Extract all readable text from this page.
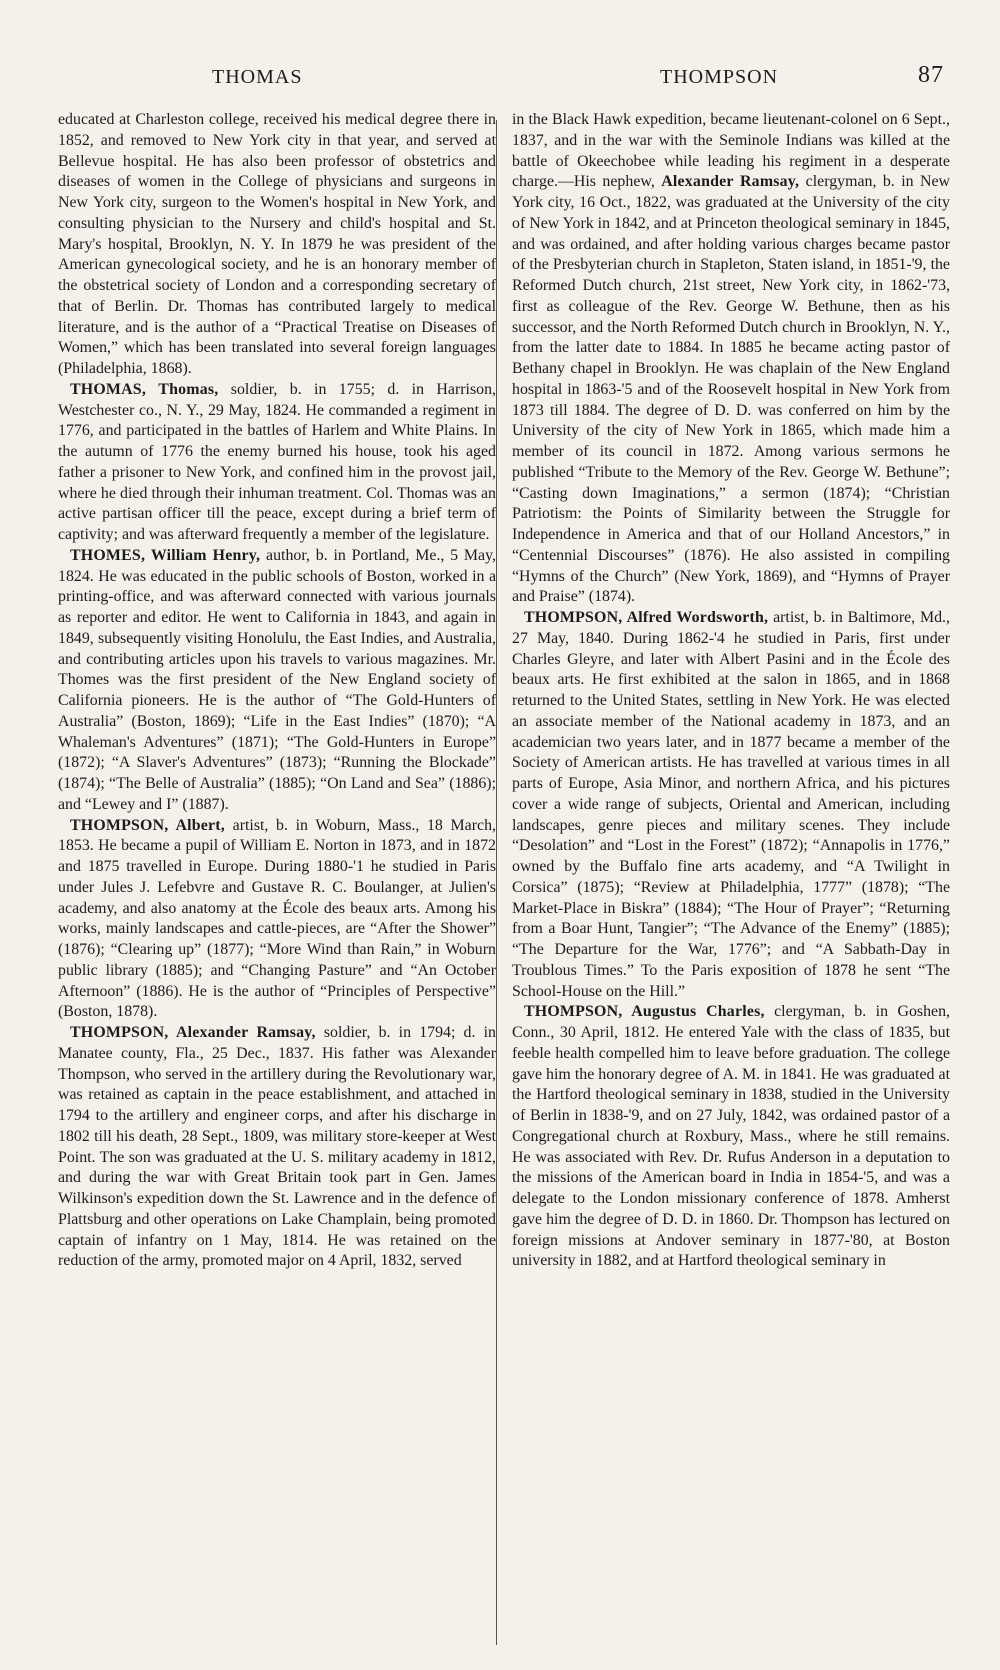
THOMAS	THOMPSON	87

educated at Charleston college, received his medical degree there in 1852, and removed to New York city in that year, and served at Bellevue hospital. He has also been professor of obstetrics and diseases of women in the College of physicians and surgeons in New York city, surgeon to the Women's hospital in New York, and consulting physician to the Nursery and child's hospital and St. Mary's hospital, Brooklyn, N. Y. In 1879 he was president of the American gynecological society, and he is an honorary member of the obstetrical society of London and a corresponding secretary of that of Berlin. Dr. Thomas has contributed largely to medical literature, and is the author of a “Practical Treatise on Diseases of Women,” which has been translated into several foreign languages (Philadelphia, 1868).

THOMAS, Thomas, soldier, b. in 1755; d. in Harrison, Westchester co., N. Y., 29 May, 1824. He commanded a regiment in 1776, and participated in the battles of Harlem and White Plains. In the autumn of 1776 the enemy burned his house, took his aged father a prisoner to New York, and confined him in the provost jail, where he died through their inhuman treatment. Col. Thomas was an active partisan officer till the peace, except during a brief term of captivity; and was afterward frequently a member of the legislature.

THOMES, William Henry, author, b. in Portland, Me., 5 May, 1824. He was educated in the public schools of Boston, worked in a printing-office, and was afterward connected with various journals as reporter and editor. He went to California in 1843, and again in 1849, subsequently visiting Honolulu, the East Indies, and Australia, and contributing articles upon his travels to various magazines. Mr. Thomes was the first president of the New England society of California pioneers. He is the author of “The Gold-Hunters of Australia” (Boston, 1869); “Life in the East Indies” (1870); “A Whaleman's Adventures” (1871); “The Gold-Hunters in Europe” (1872); “A Slaver's Adventures” (1873); “Running the Blockade” (1874); “The Belle of Australia” (1885); “On Land and Sea” (1886); and “Lewey and I” (1887).

THOMPSON, Albert, artist, b. in Woburn, Mass., 18 March, 1853. He became a pupil of William E. Norton in 1873, and in 1872 and 1875 travelled in Europe. During 1880-'1 he studied in Paris under Jules J. Lefebvre and Gustave R. C. Boulanger, at Julien's academy, and also anatomy at the École des beaux arts. Among his works, mainly landscapes and cattle-pieces, are “After the Shower” (1876); “Clearing up” (1877); “More Wind than Rain,” in Woburn public library (1885); and “Changing Pasture” and “An October Afternoon” (1886). He is the author of “Principles of Perspective” (Boston, 1878).

THOMPSON, Alexander Ramsay, soldier, b. in 1794; d. in Manatee county, Fla., 25 Dec., 1837. His father was Alexander Thompson, who served in the artillery during the Revolutionary war, was retained as captain in the peace establishment, and attached in 1794 to the artillery and engineer corps, and after his discharge in 1802 till his death, 28 Sept., 1809, was military store-keeper at West Point. The son was graduated at the U. S. military academy in 1812, and during the war with Great Britain took part in Gen. James Wilkinson's expedition down the St. Lawrence and in the defence of Plattsburg and other operations on Lake Champlain, being promoted captain of infantry on 1 May, 1814. He was retained on the reduction of the army, promoted major on 4 April, 1832, served

in the Black Hawk expedition, became lieutenant-colonel on 6 Sept., 1837, and in the war with the Seminole Indians was killed at the battle of Okeechobee while leading his regiment in a desperate charge.—His nephew, Alexander Ramsay, clergyman, b. in New York city, 16 Oct., 1822, was graduated at the University of the city of New York in 1842, and at Princeton theological seminary in 1845, and was ordained, and after holding various charges became pastor of the Presbyterian church in Stapleton, Staten island, in 1851-'9, the Reformed Dutch church, 21st street, New York city, in 1862-'73, first as colleague of the Rev. George W. Bethune, then as his successor, and the North Reformed Dutch church in Brooklyn, N. Y., from the latter date to 1884. In 1885 he became acting pastor of Bethany chapel in Brooklyn. He was chaplain of the New England hospital in 1863-'5 and of the Roosevelt hospital in New York from 1873 till 1884. The degree of D. D. was conferred on him by the University of the city of New York in 1865, which made him a member of its council in 1872. Among various sermons he published “Tribute to the Memory of the Rev. George W. Bethune”; “Casting down Imaginations,” a sermon (1874); “Christian Patriotism: the Points of Similarity between the Struggle for Independence in America and that of our Holland Ancestors,” in “Centennial Discourses” (1876). He also assisted in compiling “Hymns of the Church” (New York, 1869), and “Hymns of Prayer and Praise” (1874).

THOMPSON, Alfred Wordsworth, artist, b. in Baltimore, Md., 27 May, 1840. During 1862-'4 he studied in Paris, first under Charles Gleyre, and later with Albert Pasini and in the École des beaux arts. He first exhibited at the salon in 1865, and in 1868 returned to the United States, settling in New York. He was elected an associate member of the National academy in 1873, and an academician two years later, and in 1877 became a member of the Society of American artists. He has travelled at various times in all parts of Europe, Asia Minor, and northern Africa, and his pictures cover a wide range of subjects, Oriental and American, including landscapes, genre pieces and military scenes. They include “Desolation” and “Lost in the Forest” (1872); “Annapolis in 1776,” owned by the Buffalo fine arts academy, and “A Twilight in Corsica” (1875); “Review at Philadelphia, 1777” (1878); “The Market-Place in Biskra” (1884); “The Hour of Prayer”; “Returning from a Boar Hunt, Tangier”; “The Advance of the Enemy” (1885); “The Departure for the War, 1776”; and “A Sabbath-Day in Troublous Times.” To the Paris exposition of 1878 he sent “The School-House on the Hill.”

THOMPSON, Augustus Charles, clergyman, b. in Goshen, Conn., 30 April, 1812. He entered Yale with the class of 1835, but feeble health compelled him to leave before graduation. The college gave him the honorary degree of A. M. in 1841. He was graduated at the Hartford theological seminary in 1838, studied in the University of Berlin in 1838-'9, and on 27 July, 1842, was ordained pastor of a Congregational church at Roxbury, Mass., where he still remains. He was associated with Rev. Dr. Rufus Anderson in a deputation to the missions of the American board in India in 1854-'5, and was a delegate to the London missionary conference of 1878. Amherst gave him the degree of D. D. in 1860. Dr. Thompson has lectured on foreign missions at Andover seminary in 1877-'80, at Boston university in 1882, and at Hartford theological seminary in
